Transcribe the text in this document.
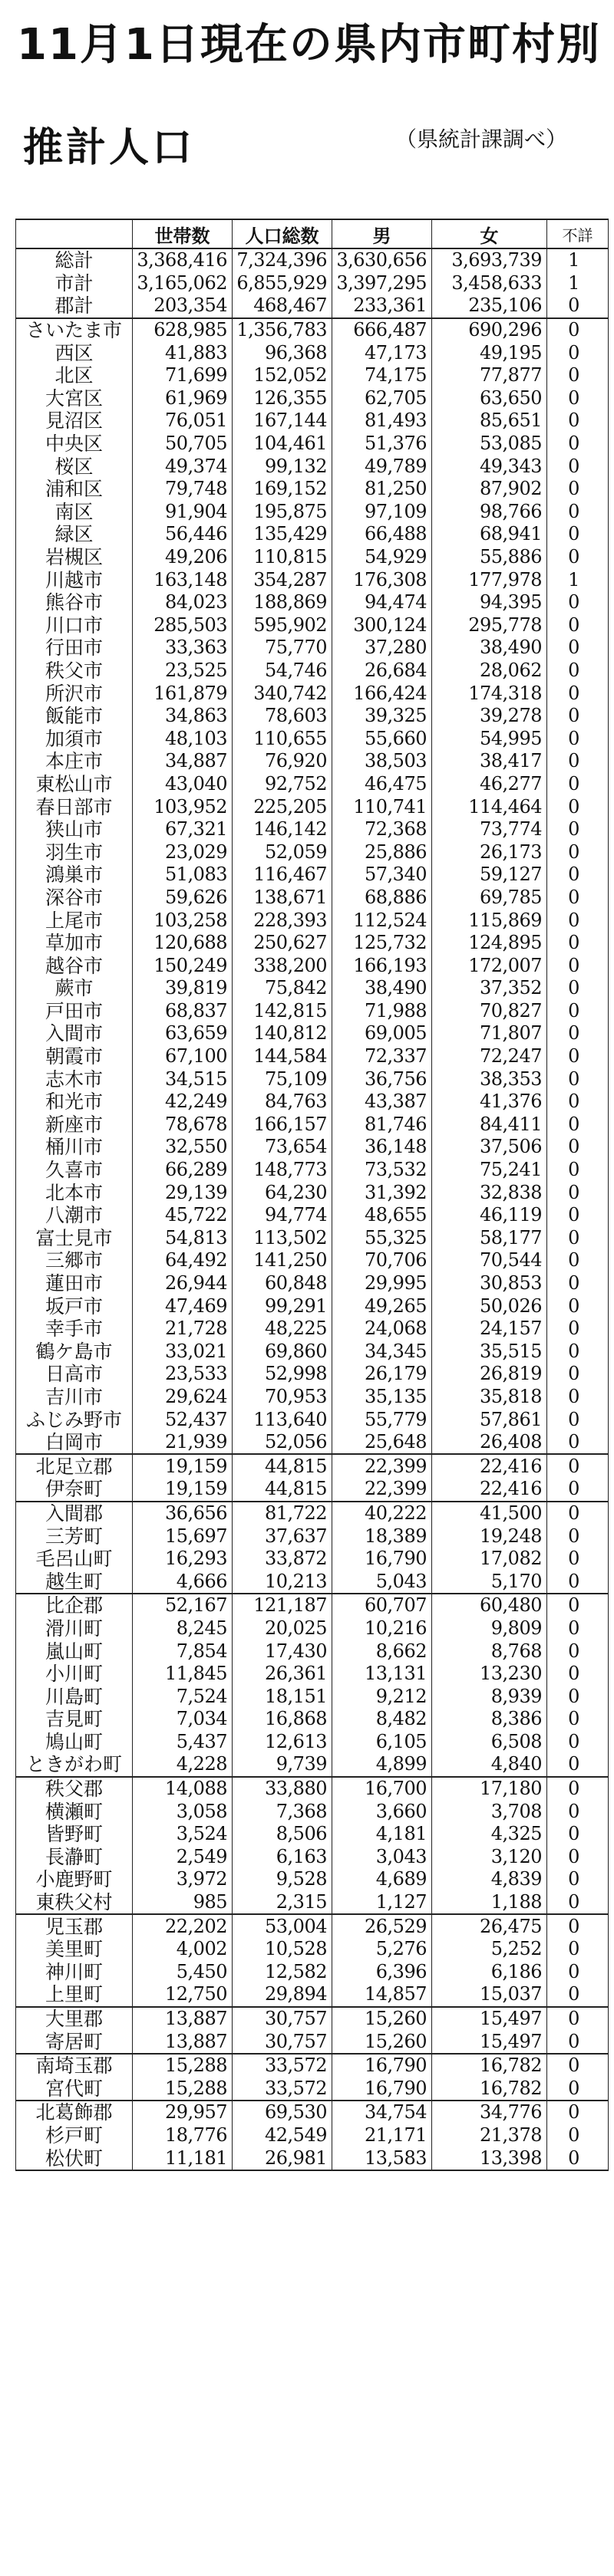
11月1日現在の県内市町村別
推計人口	（県統計課調べ）
	世帯数	人口総数	男	女	不詳
総計	3,368,416	7,324,396	3,630,656	3,693,739	1
市計	3,165,062	6,855,929	3,397,295	3,458,633	1
郡計	203,354	468,467	233,361	235,106	0
さいたま市	628,985	1,356,783	666,487	690,296	0
西区	41,883	96,368	47,173	49,195	0
北区	71,699	152,052	74,175	77,877	0
大宮区	61,969	126,355	62,705	63,650	0
見沼区	76,051	167,144	81,493	85,651	0
中央区	50,705	104,461	51,376	53,085	0
桜区	49,374	99,132	49,789	49,343	0
浦和区	79,748	169,152	81,250	87,902	0
南区	91,904	195,875	97,109	98,766	0
緑区	56,446	135,429	66,488	68,941	0
岩槻区	49,206	110,815	54,929	55,886	0
川越市	163,148	354,287	176,308	177,978	1
熊谷市	84,023	188,869	94,474	94,395	0
川口市	285,503	595,902	300,124	295,778	0
行田市	33,363	75,770	37,280	38,490	0
秩父市	23,525	54,746	26,684	28,062	0
所沢市	161,879	340,742	166,424	174,318	0
飯能市	34,863	78,603	39,325	39,278	0
加須市	48,103	110,655	55,660	54,995	0
本庄市	34,887	76,920	38,503	38,417	0
東松山市	43,040	92,752	46,475	46,277	0
春日部市	103,952	225,205	110,741	114,464	0
狭山市	67,321	146,142	72,368	73,774	0
羽生市	23,029	52,059	25,886	26,173	0
鴻巣市	51,083	116,467	57,340	59,127	0
深谷市	59,626	138,671	68,886	69,785	0
上尾市	103,258	228,393	112,524	115,869	0
草加市	120,688	250,627	125,732	124,895	0
越谷市	150,249	338,200	166,193	172,007	0
蕨市	39,819	75,842	38,490	37,352	0
戸田市	68,837	142,815	71,988	70,827	0
入間市	63,659	140,812	69,005	71,807	0
朝霞市	67,100	144,584	72,337	72,247	0
志木市	34,515	75,109	36,756	38,353	0
和光市	42,249	84,763	43,387	41,376	0
新座市	78,678	166,157	81,746	84,411	0
桶川市	32,550	73,654	36,148	37,506	0
久喜市	66,289	148,773	73,532	75,241	0
北本市	29,139	64,230	31,392	32,838	0
八潮市	45,722	94,774	48,655	46,119	0
富士見市	54,813	113,502	55,325	58,177	0
三郷市	64,492	141,250	70,706	70,544	0
蓮田市	26,944	60,848	29,995	30,853	0
坂戸市	47,469	99,291	49,265	50,026	0
幸手市	21,728	48,225	24,068	24,157	0
鶴ケ島市	33,021	69,860	34,345	35,515	0
日高市	23,533	52,998	26,179	26,819	0
吉川市	29,624	70,953	35,135	35,818	0
ふじみ野市	52,437	113,640	55,779	57,861	0
白岡市	21,939	52,056	25,648	26,408	0
北足立郡	19,159	44,815	22,399	22,416	0
伊奈町	19,159	44,815	22,399	22,416	0
入間郡	36,656	81,722	40,222	41,500	0
三芳町	15,697	37,637	18,389	19,248	0
毛呂山町	16,293	33,872	16,790	17,082	0
越生町	4,666	10,213	5,043	5,170	0
比企郡	52,167	121,187	60,707	60,480	0
滑川町	8,245	20,025	10,216	9,809	0
嵐山町	7,854	17,430	8,662	8,768	0
小川町	11,845	26,361	13,131	13,230	0
川島町	7,524	18,151	9,212	8,939	0
吉見町	7,034	16,868	8,482	8,386	0
鳩山町	5,437	12,613	6,105	6,508	0
ときがわ町	4,228	9,739	4,899	4,840	0
秩父郡	14,088	33,880	16,700	17,180	0
横瀬町	3,058	7,368	3,660	3,708	0
皆野町	3,524	8,506	4,181	4,325	0
長瀞町	2,549	6,163	3,043	3,120	0
小鹿野町	3,972	9,528	4,689	4,839	0
東秩父村	985	2,315	1,127	1,188	0
児玉郡	22,202	53,004	26,529	26,475	0
美里町	4,002	10,528	5,276	5,252	0
神川町	5,450	12,582	6,396	6,186	0
上里町	12,750	29,894	14,857	15,037	0
大里郡	13,887	30,757	15,260	15,497	0
寄居町	13,887	30,757	15,260	15,497	0
南埼玉郡	15,288	33,572	16,790	16,782	0
宮代町	15,288	33,572	16,790	16,782	0
北葛飾郡	29,957	69,530	34,754	34,776	0
杉戸町	18,776	42,549	21,171	21,378	0
松伏町	11,181	26,981	13,583	13,398	0
